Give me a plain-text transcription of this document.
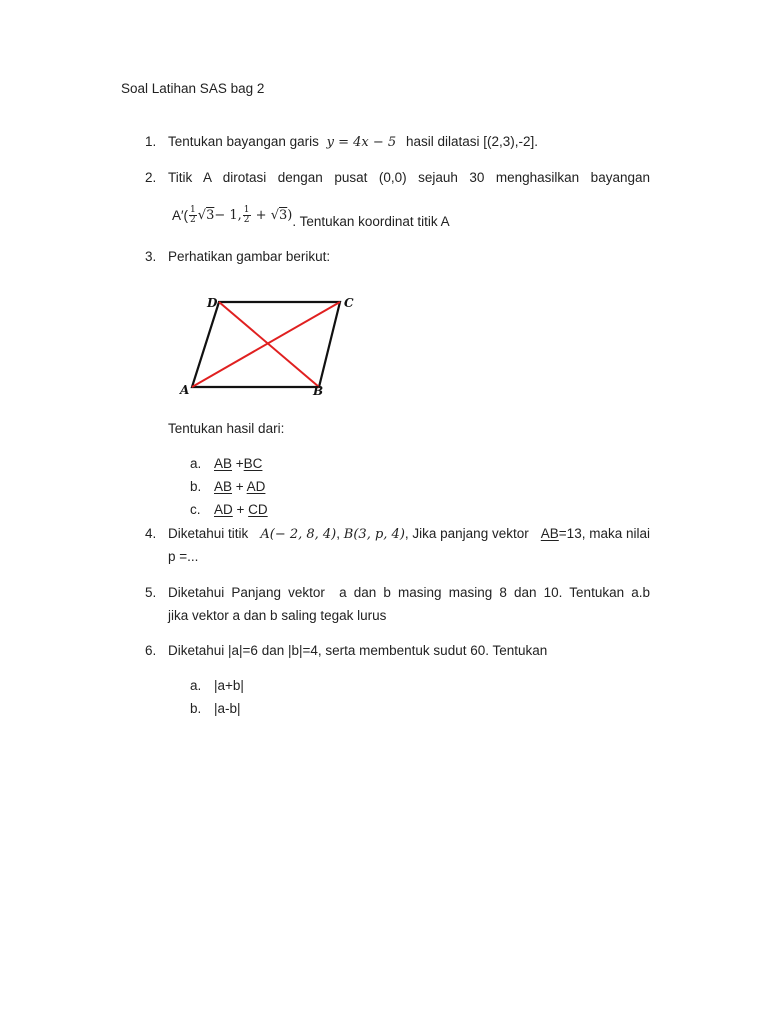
Soal Latihan SAS bag 2
1. Tentukan bayangan garis 𝑦 = 4𝑥 − 5 hasil dilatasi [(2,3),-2].
2. Titik A dirotasi dengan pusat (0,0) sejauh 30 menghasilkan bayangan
$A'( \frac{1}{2} √3 - 1$, $\frac{1}{2} + √3$ ) . Tentukan koordinat titik A
3. Perhatikan gambar berikut:
D	C
A	B
Tentukan hasil dari:
a. AB +BC
b. AB + AD
c. AD + CD
4. Diketahui titik 𝐴(− 2, 8, 4), 𝐵(3, 𝑝, 4), Jika panjang vektor AB=13, maka nilai
p =...
5. Diketahui Panjang vektor  a dan b masing masing 8 dan 10. Tentukan a.b
jika vektor a dan b saling tegak lurus
6. Diketahui |a|=6 dan |b|=4, serta membentuk sudut 60. Tentukan
a. |a+b|
b. |a-b|
